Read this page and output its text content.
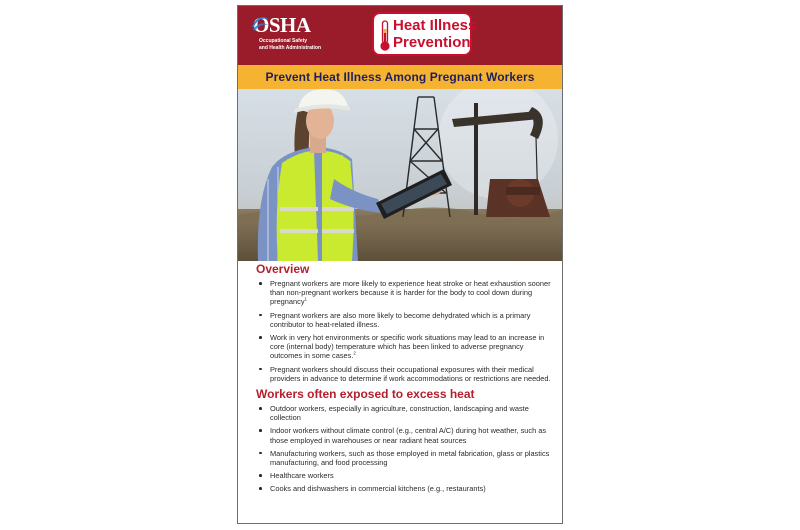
OSHA
Occupational Safety
and Health Administration
Heat Illness
Prevention
Prevent Heat Illness Among Pregnant Workers
Overview
Pregnant workers are more likely to experience heat stroke or heat exhaustion sooner than non-pregnant workers because it is harder for the body to cool down during pregnancy$^1$
Pregnant workers are also more likely to become dehydrated which is a primary contributor to heat-related illness.
Work in very hot environments or specific work situations may lead to an increase in core (internal body) temperature which has been linked to adverse pregnancy outcomes in some cases.$^2$
Pregnant workers should discuss their occupational exposures with their medical providers in advance to determine if work accommodations or restrictions are needed.
Workers often exposed to excess heat
Outdoor workers, especially in agriculture, construction, landscaping and waste collection
Indoor workers without climate control (e.g., central A/C) during hot weather, such as those employed in warehouses or near radiant heat sources
Manufacturing workers, such as those employed in metal fabrication, glass or plastics manufacturing, and food processing
Healthcare workers
Cooks and dishwashers in commercial kitchens (e.g., restaurants)
